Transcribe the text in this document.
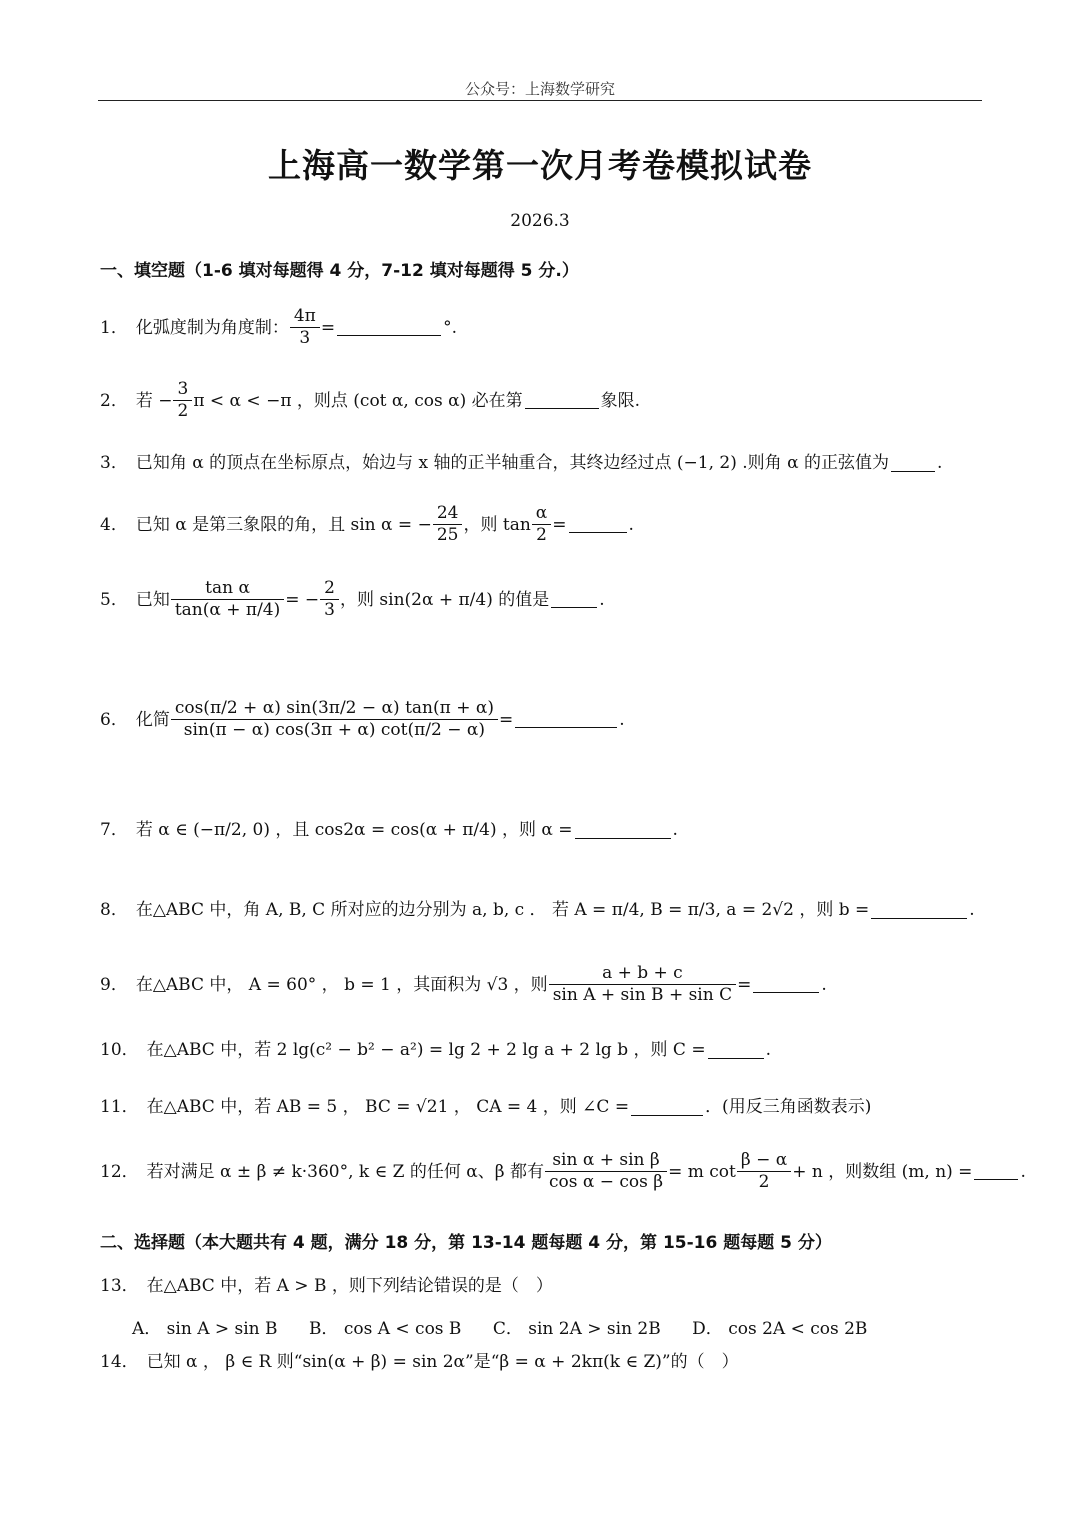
公众号：上海数学研究
上海高一数学第一次月考卷模拟试卷
2026.3
一、填空题（1-6 填对每题得 4 分，7-12 填对每题得 5 分.）
1． 化弧度制为角度制： $\frac{4\pi}{3}$ =	°.
2． 若 − $\frac{3}{2}$ π < α < −π ，则点 (cot α, cos α) 必在第	象限.
3． 已知角 α 的顶点在坐标原点，始边与 x 轴的正半轴重合，其终边经过点 (−1, 2) .则角 α 的正弦值为	.
4． 已知 α 是第三象限的角，且 sin α = − $\frac{24}{25}$ ，则 $\tan \frac{\alpha}{2}$ =	.
5． 已知 $\frac{\text{tan α}}{\tan(\alpha + \pi/4)}$ = − $\frac{2}{3}$ ，则 sin(2α + π/4) 的值是	.
6． 化简 $\frac{\cos(\pi/2 + \alpha) \sin(3\pi/2 - \alpha) \tan(\pi + \alpha)}{\sin(\pi - \alpha) \cos(3\pi + \alpha) \cot(\pi/2 - \alpha)}$ =	.
7． 若 α ∈ (−π/2, 0) ，且 cos2α = cos(α + π/4) ，则 α =	.
8． 在△ABC 中，角 A, B, C 所对应的边分别为 a, b, c ． 若 A = π/4, B = π/3, a = 2√2 ，则 b =	.
9． 在△ABC 中， A = 60° ， b = 1 ，其面积为 √3 ，则 $\frac{a + b + c}{\text{sin A + sin B + sin C}}$ =	.
10． 在△ABC 中，若 2 lg(c² − b² − a²) = lg 2 + 2 lg a + 2 lg b ，则 C =	.
11． 在△ABC 中，若 AB = 5 ， BC = √21 ， CA = 4 ，则 ∠C =	．(用反三角函数表示)
12． 若对满足 α ± β ≠ k·360°, k ∈ Z 的任何 α、β 都有 $\frac{\text{sin α + sin β}}{\text{cos α − cos β}} = m$ $\cot \frac{\beta - \alpha}{2} + n$ ，则数组 (m, n) =	.
二、选择题（本大题共有 4 题，满分 18 分，第 13-14 题每题 4 分，第 15-16 题每题 5 分）
13． 在△ABC 中，若 A > B ，则下列结论错误的是（　）
A． sin A > sin B B． cos A < cos B C． sin 2A > sin 2B D． cos 2A < cos 2B
14． 已知 α ， β ∈ R 则“sin(α + β) = sin 2α”是“β = α + 2kπ(k ∈ Z)”的（　）
